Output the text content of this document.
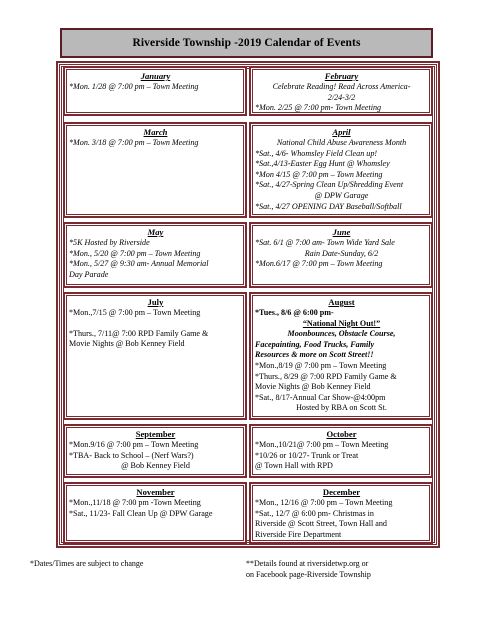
Riverside Township -2019 Calendar of Events
January
*Mon. 1/28 @ 7:00 pm – Town Meeting
February
Celebrate Reading! Read Across America-
2/24-3/2
*Mon. 2/25 @ 7:00 pm- Town Meeting
March
*Mon. 3/18 @ 7:00 pm – Town Meeting
April
National Child Abuse Awareness Month
*Sat., 4/6- Whomsley Field Clean up!
*Sat.,4/13-Easter Egg Hunt @ Whomsley
*Mon 4/15 @ 7:00 pm – Town Meeting
*Sat., 4/27-Spring Clean Up/Shredding Event
@ DPW Garage
*Sat., 4/27 OPENING DAY Baseball/Softball
May
*5K Hosted by Riverside
*Mon., 5/20 @ 7:00 pm – Town Meeting
*Mon., 5/27 @ 9:30 am- Annual Memorial
Day Parade
June
*Sat. 6/1 @ 7:00 am- Town Wide Yard Sale
Rain Date-Sunday, 6/2
*Mon.6/17 @ 7:00 pm – Town Meeting
July
*Mon.,7/15 @ 7:00 pm – Town Meeting
*Thurs., 7/11@ 7:00 RPD Family Game &
Movie Nights @ Bob Kenney Field
August
*Tues., 8/6 @ 6:00 pm-
“National Night Out!”
Moonbounces, Obstacle Course,
Facepainting, Food Trucks, Family
Resources & more on Scott Street!!
*Mon.,8/19 @ 7:00 pm – Town Meeting
*Thurs., 8/29 @ 7:00 RPD Family Game &
Movie Nights @ Bob Kenney Field
*Sat., 8/17-Annual Car Show-@4:00pm
Hosted by RBA on Scott St.
September
*Mon.9/16 @ 7:00 pm – Town Meeting
*TBA- Back to School – (Nerf Wars?)
@ Bob Kenney Field
October
*Mon.,10/21@ 7:00 pm – Town Meeting
*10/26 or 10/27- Trunk or Treat
@ Town Hall with RPD
November
*Mon.,11/18 @ 7:00 pm -Town Meeting
*Sat., 11/23- Fall Clean Up @ DPW Garage
December
*Mon., 12/16 @ 7:00 pm – Town Meeting
*Sat., 12/7 @ 6:00 pm- Christmas in
Riverside @ Scott Street, Town Hall and
Riverside Fire Department
*Dates/Times are subject to change	**Details found at riversidetwp.org or
on Facebook page-Riverside Township
